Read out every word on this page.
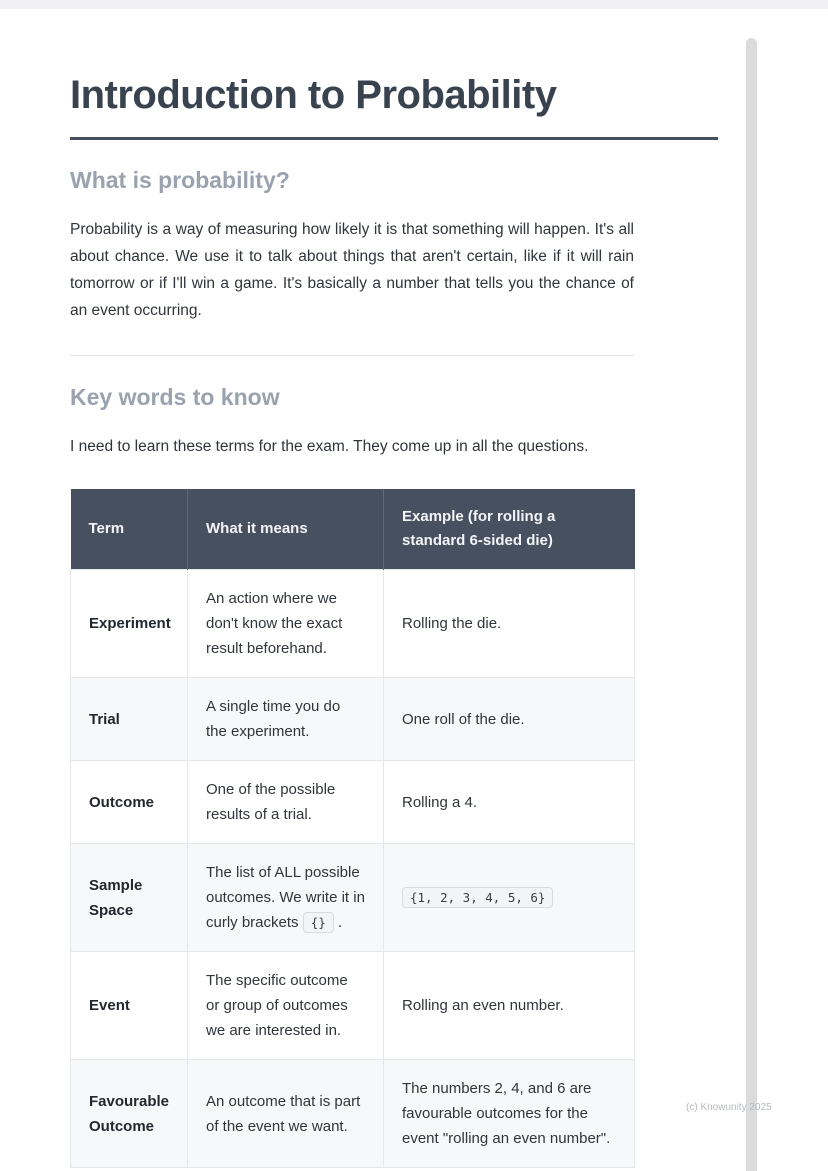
Introduction to Probability
What is probability?

Probability is a way of measuring how likely it is that something will happen. It's all about chance. We use it to talk about things that aren't certain, like if it will rain tomorrow or if I'll win a game. It's basically a number that tells you the chance of an event occurring.

Key words to know

I need to learn these terms for the exam. They come up in all the questions.

Term	What it means	Example (for rolling a standard 6-sided die)
Experiment	An action where we don't know the exact result beforehand.	Rolling the die.
Trial	A single time you do the experiment.	One roll of the die.
Outcome	One of the possible results of a trial.	Rolling a 4.
Sample Space	The list of ALL possible outcomes. We write it in curly brackets {} .	{1, 2, 3, 4, 5, 6}
Event	The specific outcome or group of outcomes we are interested in.	Rolling an even number.
Favourable Outcome	An outcome that is part of the event we want.	The numbers 2, 4, and 6 are favourable outcomes for the event "rolling an even number".
(c) Knowunity 2025
